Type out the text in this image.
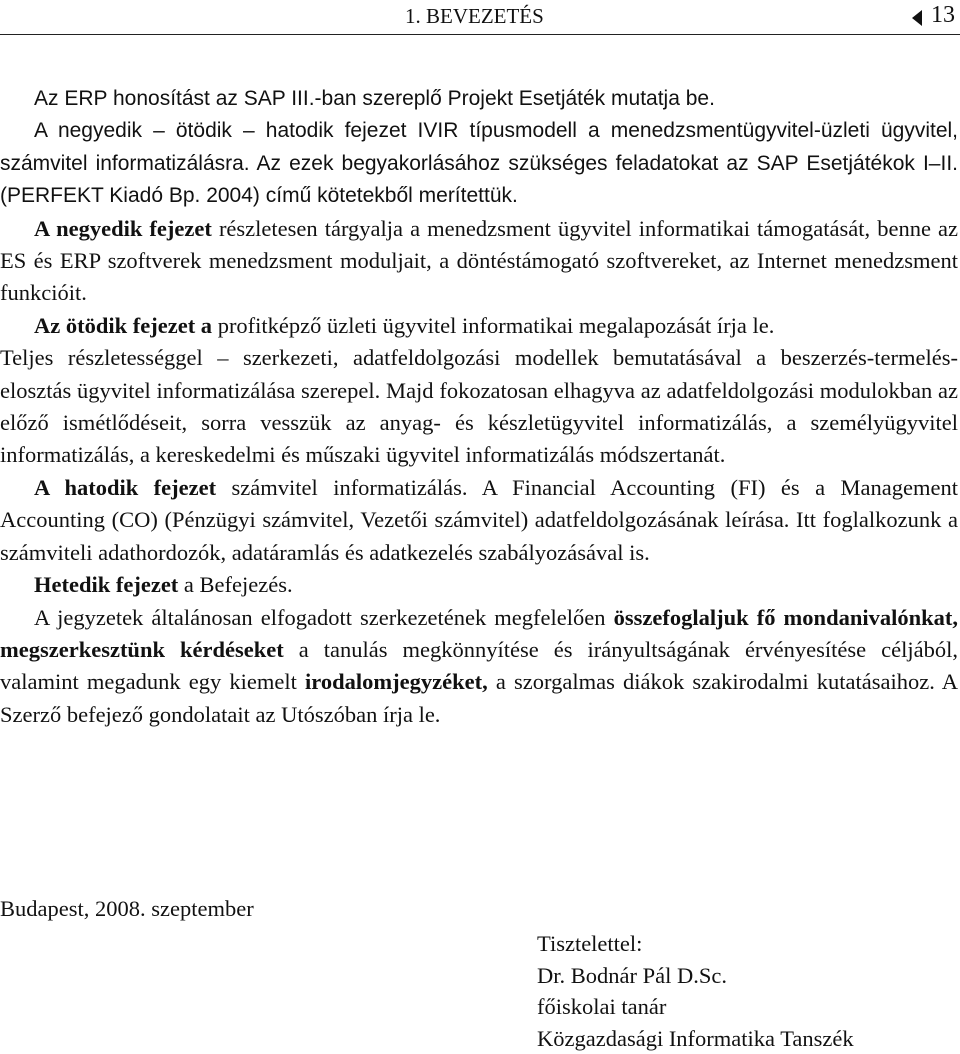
1. BEVEZETÉS	13

Az ERP honosítást az SAP III.-ban szereplő Projekt Esetjáték mutatja be.

A negyedik – ötödik – hatodik fejezet IVIR típusmodell a menedzsmentügyvitel-üzleti ügyvitel, számvitel informatizálásra. Az ezek begyakorlásához szükséges feladatokat az SAP Esetjátékok I–II. (PERFEKT Kiadó Bp. 2004) című kötetekből merítettük.

A negyedik fejezet részletesen tárgyalja a menedzsment ügyvitel informatikai támogatását, benne az ES és ERP szoftverek menedzsment moduljait, a döntéstámogató szoftvereket, az Internet menedzsment funkcióit.

Az ötödik fejezet a profitképző üzleti ügyvitel informatikai megalapozását írja le.

Teljes részletességgel – szerkezeti, adatfeldolgozási modellek bemutatásával a beszerzés-termelés-elosztás ügyvitel informatizálása szerepel. Majd fokozatosan elhagyva az adatfeldolgozási modulokban az előző ismétlődéseit, sorra vesszük az anyag- és készletügyvitel informatizálás, a személyügyvitel informatizálás, a kereskedelmi és műszaki ügyvitel informatizálás módszertanát.

A hatodik fejezet számvitel informatizálás. A Financial Accounting (FI) és a Management Accounting (CO) (Pénzügyi számvitel, Vezetői számvitel) adatfeldolgozásának leírása. Itt foglalkozunk a számviteli adathordozók, adatáramlás és adatkezelés szabályozásával is.

Hetedik fejezet a Befejezés.

A jegyzetek általánosan elfogadott szerkezetének megfelelően összefoglaljuk fő mondanivalónkat, megszerkesztünk kérdéseket a tanulás megkönnyítése és irányultságának érvényesítése céljából, valamint megadunk egy kiemelt irodalomjegyzéket, a szorgalmas diákok szakirodalmi kutatásaihoz. A Szerző befejező gondolatait az Utószóban írja le.

Budapest, 2008. szeptember
Tisztelettel:
Dr. Bodnár Pál D.Sc.
főiskolai tanár
Közgazdasági Informatika Tanszék
